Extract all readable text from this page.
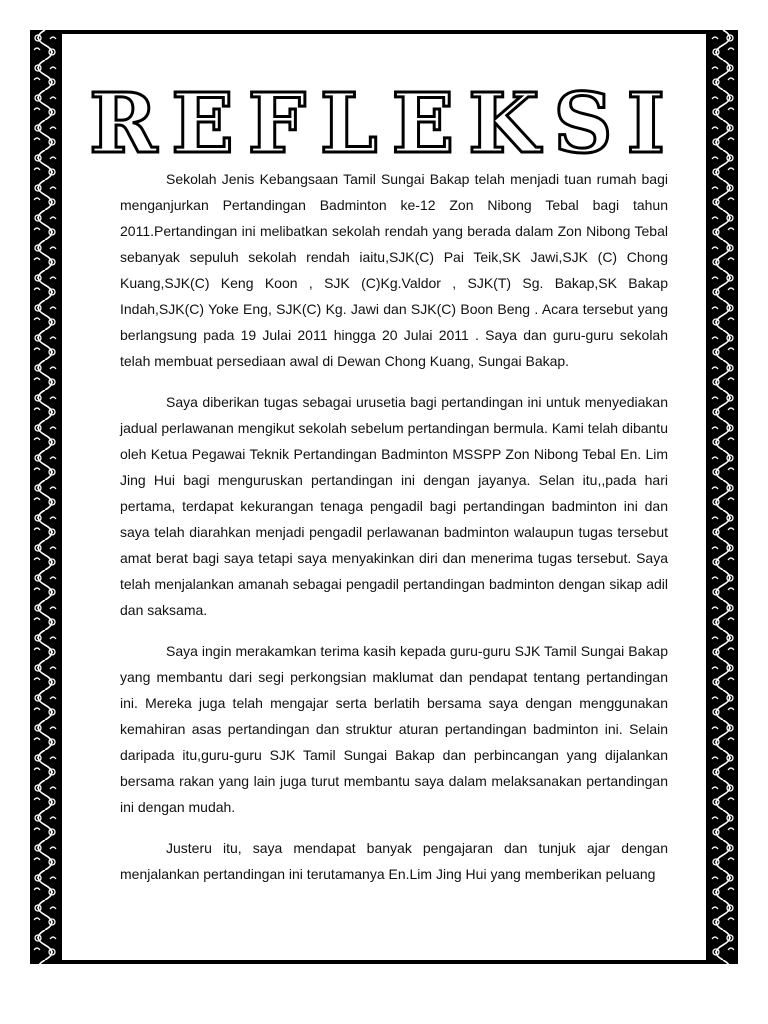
REFLEKSI

Sekolah Jenis Kebangsaan Tamil Sungai Bakap telah menjadi tuan rumah bagi menganjurkan Pertandingan Badminton ke-12 Zon Nibong Tebal bagi tahun 2011.Pertandingan ini melibatkan sekolah rendah yang berada dalam Zon Nibong Tebal sebanyak sepuluh sekolah rendah iaitu,SJK(C) Pai Teik,SK Jawi,SJK (C) Chong Kuang,SJK(C) Keng Koon , SJK (C)Kg.Valdor , SJK(T) Sg. Bakap,SK Bakap Indah,SJK(C) Yoke Eng, SJK(C) Kg. Jawi dan SJK(C) Boon Beng . Acara tersebut yang berlangsung pada 19 Julai 2011 hingga 20 Julai 2011 . Saya dan guru-guru sekolah telah membuat persediaan awal di Dewan Chong Kuang, Sungai Bakap.

Saya diberikan tugas sebagai urusetia bagi pertandingan ini untuk menyediakan jadual perlawanan mengikut sekolah sebelum pertandingan bermula. Kami telah dibantu oleh Ketua Pegawai Teknik Pertandingan Badminton MSSPP Zon Nibong Tebal En. Lim Jing Hui bagi menguruskan pertandingan ini dengan jayanya. Selan itu,,pada hari pertama, terdapat kekurangan tenaga pengadil bagi pertandingan badminton ini dan saya telah diarahkan menjadi pengadil perlawanan badminton walaupun tugas tersebut amat berat bagi saya tetapi saya menyakinkan diri dan menerima tugas tersebut. Saya telah menjalankan amanah sebagai pengadil pertandingan badminton dengan sikap adil dan saksama.

Saya ingin merakamkan terima kasih kepada guru-guru SJK Tamil Sungai Bakap yang membantu dari segi perkongsian maklumat dan pendapat tentang pertandingan ini. Mereka juga telah mengajar serta berlatih bersama saya dengan menggunakan kemahiran asas pertandingan dan struktur aturan pertandingan badminton ini. Selain daripada itu,guru-guru SJK Tamil Sungai Bakap dan perbincangan yang dijalankan bersama rakan yang lain juga turut membantu saya dalam melaksanakan pertandingan ini dengan mudah.

Justeru itu, saya mendapat banyak pengajaran dan tunjuk ajar dengan menjalankan pertandingan ini terutamanya En.Lim Jing Hui yang memberikan peluang
